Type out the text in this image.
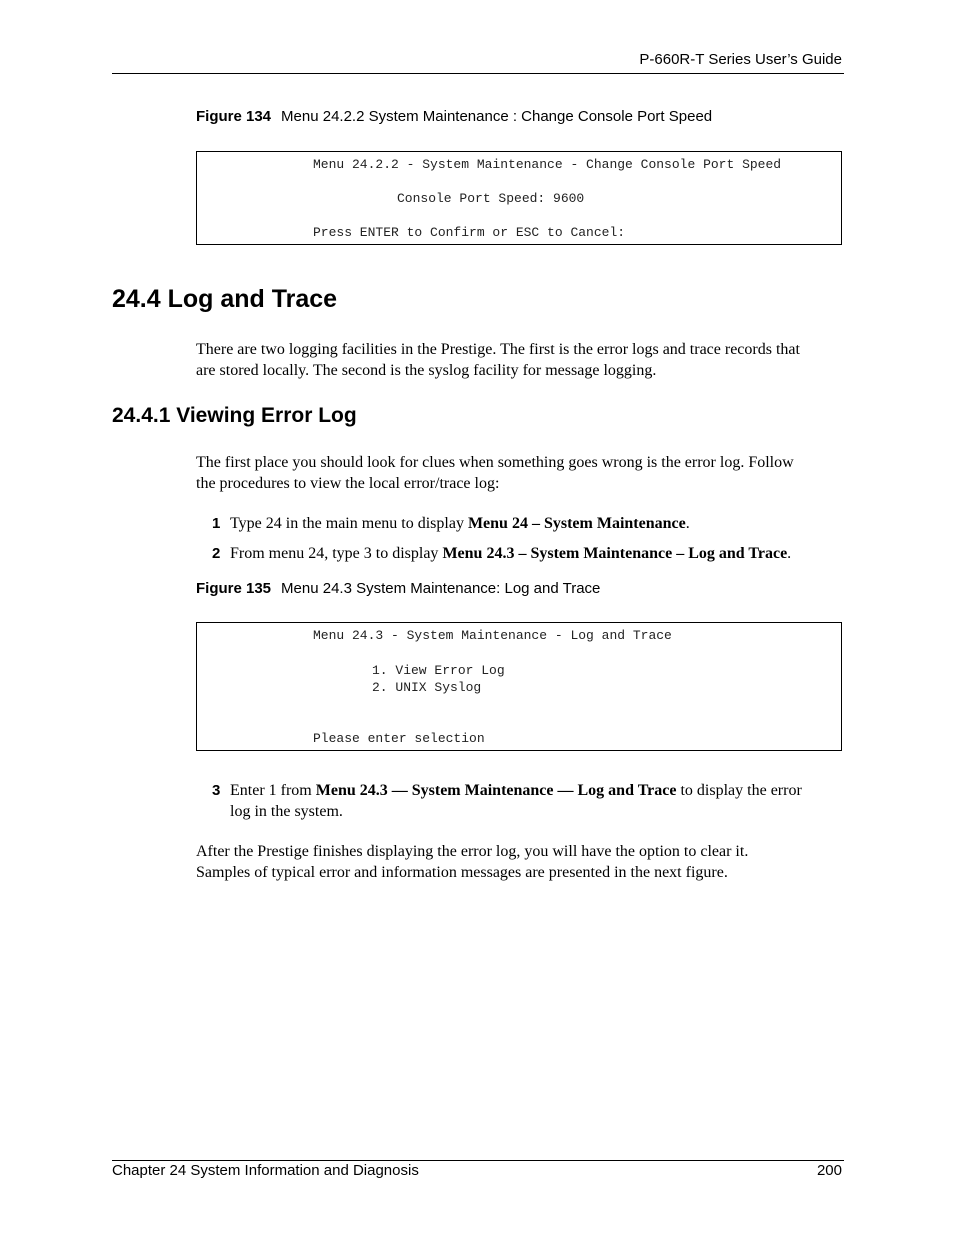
P-660R-T Series User’s Guide
Figure 134 Menu 24.2.2 System Maintenance : Change Console Port Speed
Menu 24.2.2 - System Maintenance - Change Console Port Speed
Console Port Speed: 9600
Press ENTER to Confirm or ESC to Cancel:
24.4 Log and Trace
There are two logging facilities in the Prestige. The first is the error logs and trace records that
are stored locally. The second is the syslog facility for message logging.
24.4.1 Viewing Error Log
The first place you should look for clues when something goes wrong is the error log. Follow
the procedures to view the local error/trace log:
1 Type 24 in the main menu to display Menu 24 – System Maintenance.
2 From menu 24, type 3 to display Menu 24.3 – System Maintenance – Log and Trace.
Figure 135 Menu 24.3 System Maintenance: Log and Trace
Menu 24.3 - System Maintenance - Log and Trace
1. View Error Log
2. UNIX Syslog
Please enter selection
3 Enter 1 from Menu 24.3 — System Maintenance — Log and Trace to display the error
log in the system.
After the Prestige finishes displaying the error log, you will have the option to clear it.
Samples of typical error and information messages are presented in the next figure.
Chapter 24 System Information and Diagnosis	200
